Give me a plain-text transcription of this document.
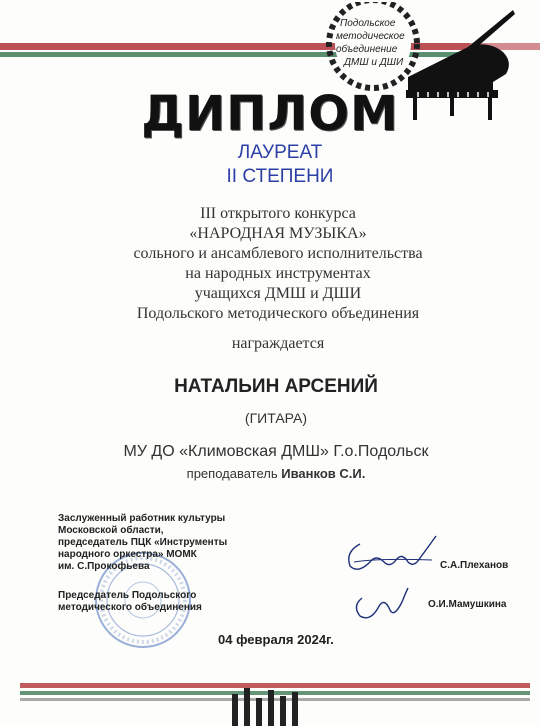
Подольское
методическое
объединение
ДМШ и ДШИ
ДИПЛОМ
ЛАУРЕАТ
II СТЕПЕНИ
III открытого конкурса
«НАРОДНАЯ МУЗЫКА»
сольного и ансамблевого исполнительства
на народных инструментах
учащихся ДМШ и ДШИ
Подольского методического объединения
награждается
НАТАЛЬИН АРСЕНИЙ
(ГИТАРА)
МУ ДО «Климовская ДМШ» Г.о.Подольск
преподаватель Иванков С.И.
Заслуженный работник культуры
Московской области,
председатель ПЦК «Инструменты
народного оркестра» МОМК
им. С.Прокофьева
Председатель Подольского
методического объединения
С.А.Плеханов
О.И.Мамушкина
04 февраля 2024г.
